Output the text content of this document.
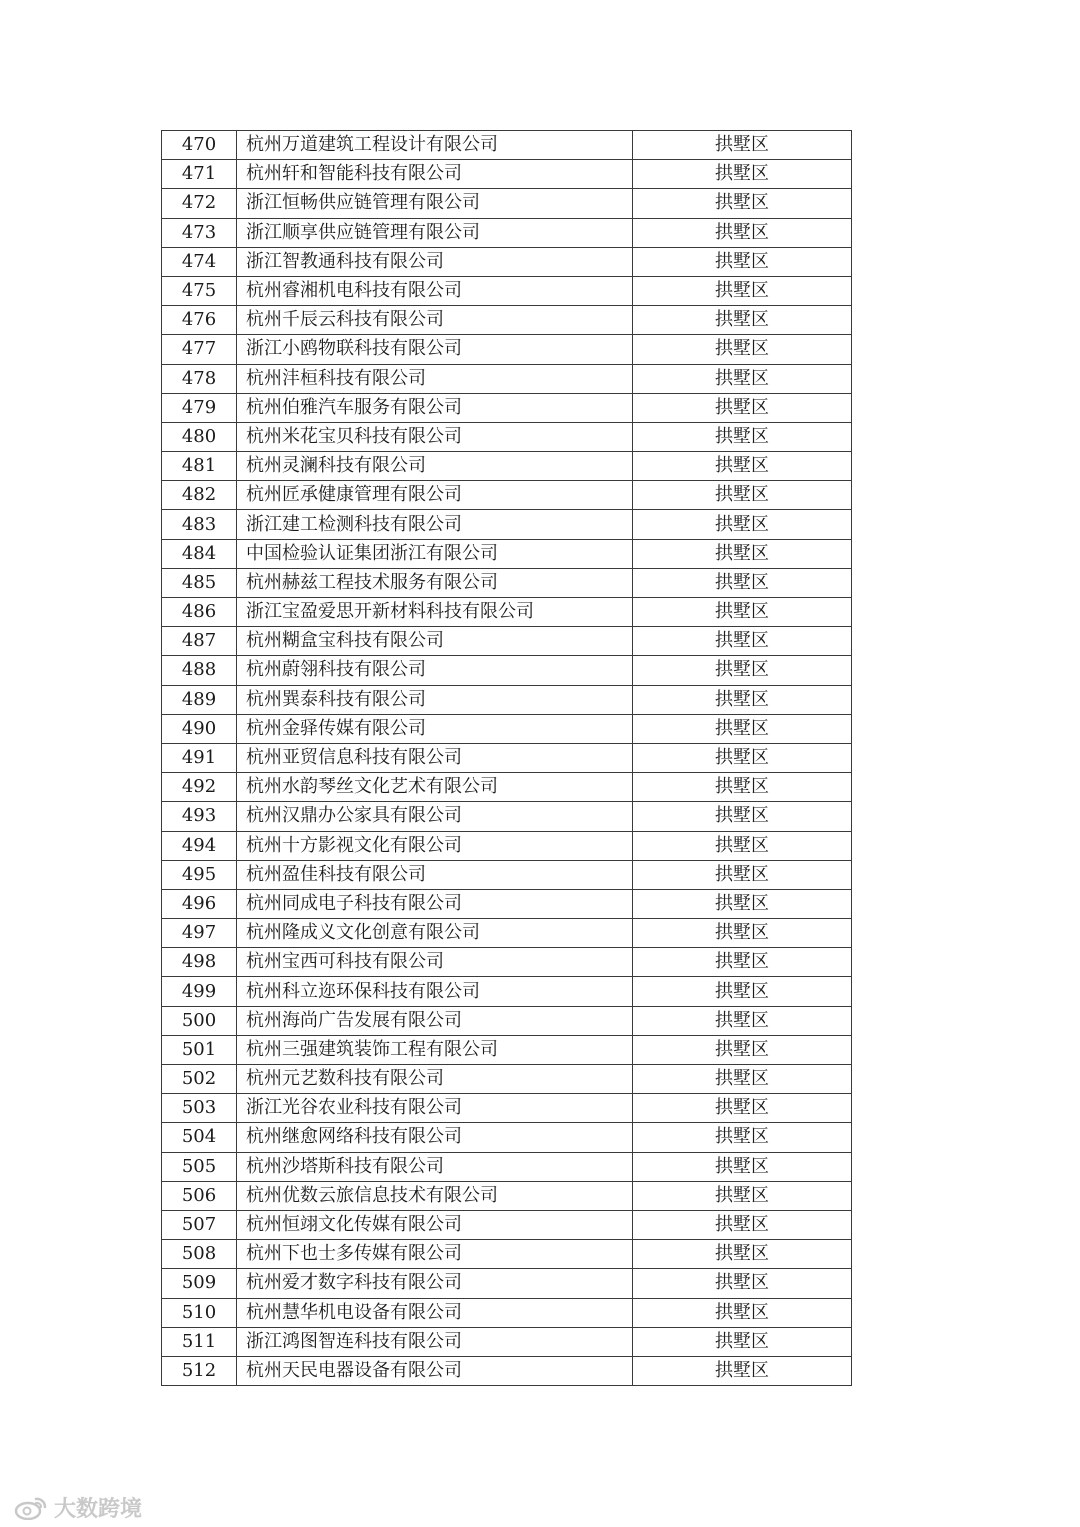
470	杭州万道建筑工程设计有限公司	拱墅区
471	杭州轩和智能科技有限公司	拱墅区
472	浙江恒畅供应链管理有限公司	拱墅区
473	浙江顺享供应链管理有限公司	拱墅区
474	浙江智教通科技有限公司	拱墅区
475	杭州睿湘机电科技有限公司	拱墅区
476	杭州千辰云科技有限公司	拱墅区
477	浙江小鸥物联科技有限公司	拱墅区
478	杭州沣桓科技有限公司	拱墅区
479	杭州伯雅汽车服务有限公司	拱墅区
480	杭州米花宝贝科技有限公司	拱墅区
481	杭州灵澜科技有限公司	拱墅区
482	杭州匠承健康管理有限公司	拱墅区
483	浙江建工检测科技有限公司	拱墅区
484	中国检验认证集团浙江有限公司	拱墅区
485	杭州赫兹工程技术服务有限公司	拱墅区
486	浙江宝盈爱思开新材料科技有限公司	拱墅区
487	杭州糊盒宝科技有限公司	拱墅区
488	杭州蔚翎科技有限公司	拱墅区
489	杭州巽泰科技有限公司	拱墅区
490	杭州金驿传媒有限公司	拱墅区
491	杭州亚贸信息科技有限公司	拱墅区
492	杭州水韵琴丝文化艺术有限公司	拱墅区
493	杭州汉鼎办公家具有限公司	拱墅区
494	杭州十方影视文化有限公司	拱墅区
495	杭州盈佳科技有限公司	拱墅区
496	杭州同成电子科技有限公司	拱墅区
497	杭州隆成义文化创意有限公司	拱墅区
498	杭州宝西可科技有限公司	拱墅区
499	杭州科立迩环保科技有限公司	拱墅区
500	杭州海尚广告发展有限公司	拱墅区
501	杭州三强建筑装饰工程有限公司	拱墅区
502	杭州元艺数科技有限公司	拱墅区
503	浙江光谷农业科技有限公司	拱墅区
504	杭州继愈网络科技有限公司	拱墅区
505	杭州沙塔斯科技有限公司	拱墅区
506	杭州优数云旅信息技术有限公司	拱墅区
507	杭州恒翊文化传媒有限公司	拱墅区
508	杭州下也士多传媒有限公司	拱墅区
509	杭州爱才数字科技有限公司	拱墅区
510	杭州慧华机电设备有限公司	拱墅区
511	浙江鸿图智连科技有限公司	拱墅区
512	杭州天民电器设备有限公司	拱墅区
大数跨境
